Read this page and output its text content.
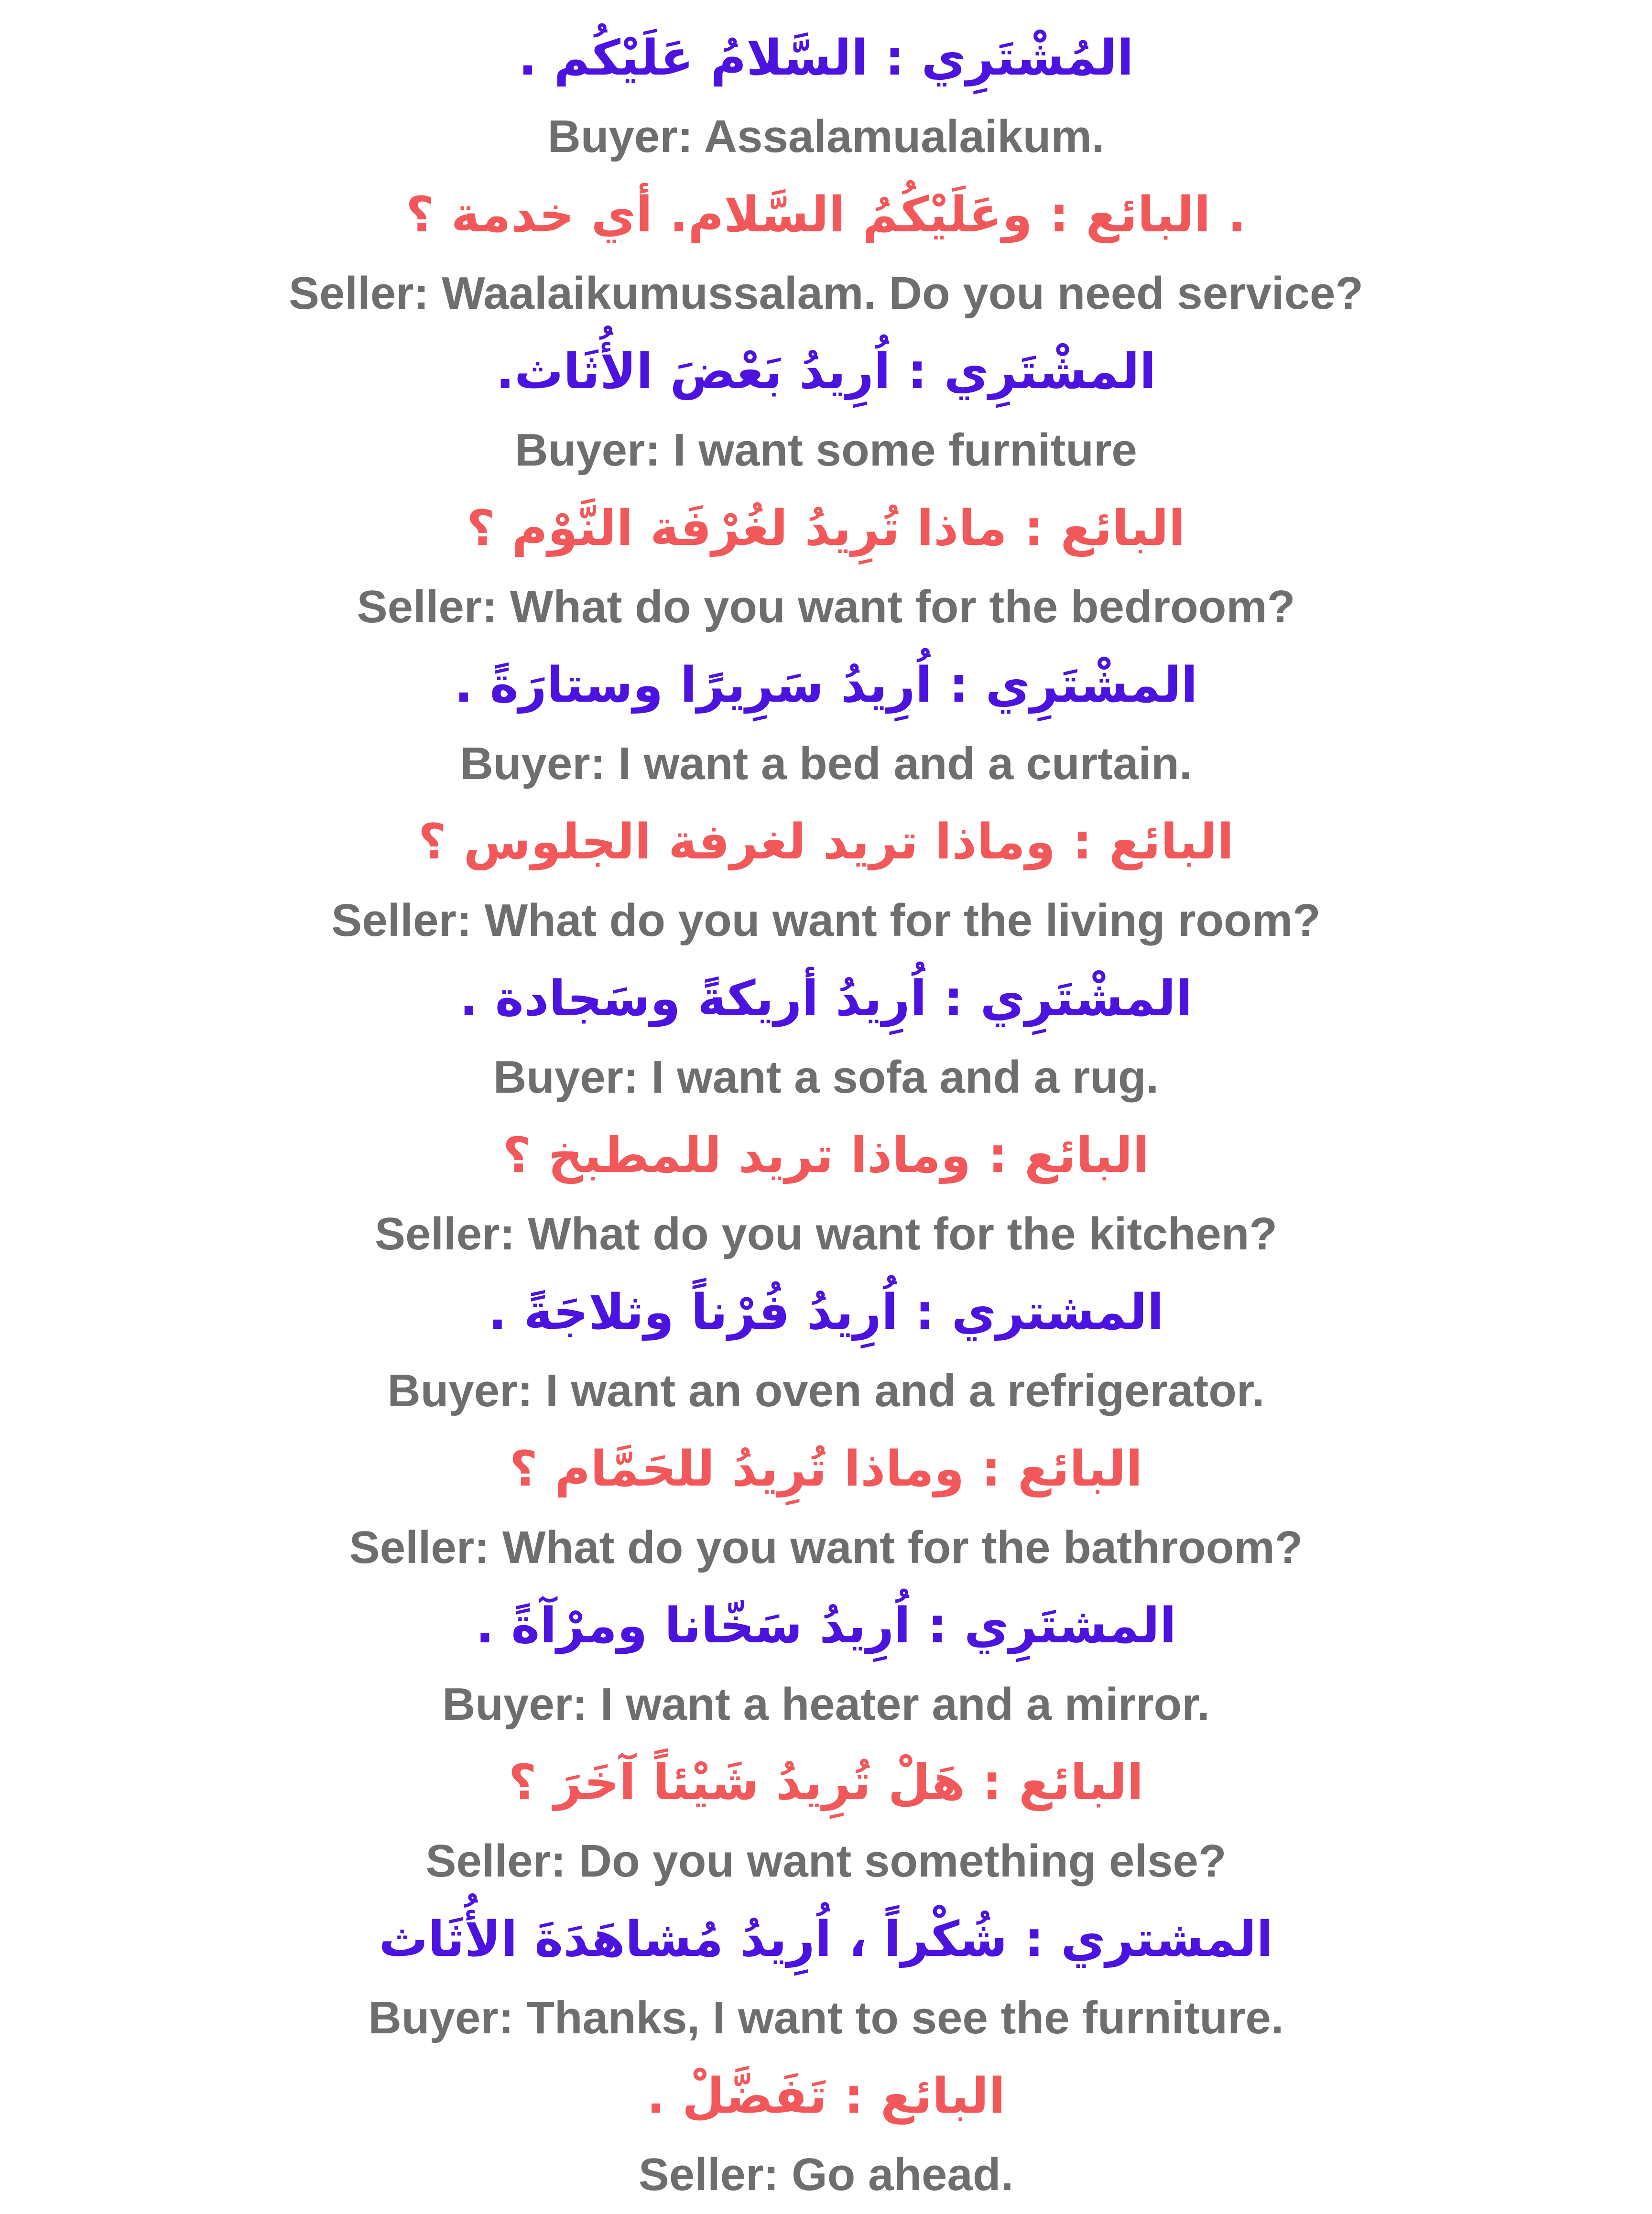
المُشْتَرِي : السَّلامُ عَلَيْكُم .
Buyer: Assalamualaikum.
. البائع : وعَلَيْكُمُ السَّلام. أي خدمة ؟
Seller: Waalaikumussalam. Do you need service?
المشْتَرِي : اُرِيدُ بَعْضَ الأُثَاث.
Buyer: I want some furniture
البائع : ماذا تُرِيدُ لغُرْفَة النَّوْم ؟
Seller: What do you want for the bedroom?
المشْتَرِي : اُرِيدُ سَرِيرًا وستارَةً .
Buyer: I want a bed and a curtain.
البائع : وماذا تريد لغرفة الجلوس ؟
Seller: What do you want for the living room?
المشْتَرِي : اُرِيدُ أريكةً وسَجادة .
Buyer: I want a sofa and a rug.
البائع : وماذا تريد للمطبخ ؟
Seller: What do you want for the kitchen?
المشتري : اُرِيدُ فُرْناً وثلاجَةً .
Buyer: I want an oven and a refrigerator.
البائع : وماذا تُرِيدُ للحَمَّام ؟
Seller: What do you want for the bathroom?
المشتَرِي : اُرِيدُ سَخّانا ومرْآةً .
Buyer: I want a heater and a mirror.
البائع : هَلْ تُرِيدُ شَيْئاً آخَرَ ؟
Seller: Do you want something else?
المشتري : شُكْراً ، اُرِيدُ مُشاهَدَةَ الأُثَاث
Buyer: Thanks, I want to see the furniture.
البائع : تَفَضَّلْ .
Seller: Go ahead.
